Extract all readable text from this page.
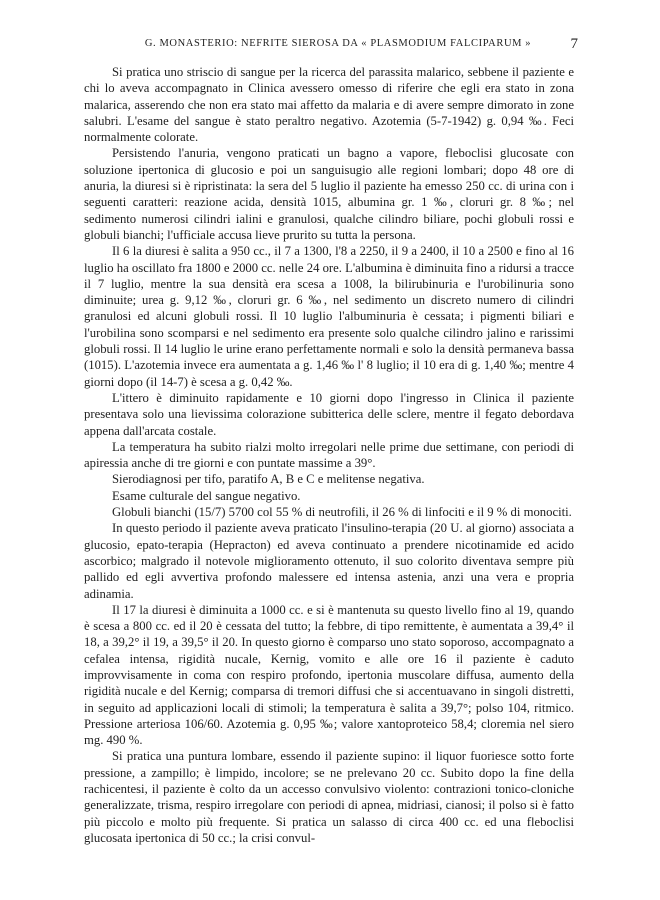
G. MONASTERIO: NEFRITE SIEROSA DA « PLASMODIUM FALCIPARUM »	7

Si pratica uno striscio di sangue per la ricerca del parassita malarico, sebbene il paziente e chi lo aveva accompagnato in Clinica avessero omesso di riferire che egli era stato in zona malarica, asserendo che non era stato mai affetto da malaria e di avere sempre dimorato in zone salubri. L'esame del sangue è stato peraltro negativo. Azotemia (5-7-1942) g. 0,94 ‰. Feci normalmente colorate.

Persistendo l'anuria, vengono praticati un bagno a vapore, fleboclisi glucosate con soluzione ipertonica di glucosio e poi un sanguisugio alle regioni lombari; dopo 48 ore di anuria, la diuresi si è ripristinata: la sera del 5 luglio il paziente ha emesso 250 cc. di urina con i seguenti caratteri: reazione acida, densità 1015, albumina gr. 1 ‰, cloruri gr. 8 ‰; nel sedimento numerosi cilindri ialini e granulosi, qualche cilindro biliare, pochi globuli rossi e globuli bianchi; l'ufficiale accusa lieve prurito su tutta la persona.

Il 6 la diuresi è salita a 950 cc., il 7 a 1300, l'8 a 2250, il 9 a 2400, il 10 a 2500 e fino al 16 luglio ha oscillato fra 1800 e 2000 cc. nelle 24 ore. L'albumina è diminuita fino a ridursi a tracce il 7 luglio, mentre la sua densità era scesa a 1008, la bilirubinuria e l'urobilinuria sono diminuite; urea g. 9,12 ‰, cloruri gr. 6 ‰, nel sedimento un discreto numero di cilindri granulosi ed alcuni globuli rossi. Il 10 luglio l'albuminuria è cessata; i pigmenti biliari e l'urobilina sono scomparsi e nel sedimento era presente solo qualche cilindro jalino e rarissimi globuli rossi. Il 14 luglio le urine erano perfettamente normali e solo la densità permaneva bassa (1015). L'azotemia invece era aumentata a g. 1,46 ‰ l' 8 luglio; il 10 era di g. 1,40 ‰; mentre 4 giorni dopo (il 14-7) è scesa a g. 0,42 ‰.

L'ittero è diminuito rapidamente e 10 giorni dopo l'ingresso in Clinica il paziente presentava solo una lievissima colorazione subitterica delle sclere, mentre il fegato debordava appena dall'arcata costale.

La temperatura ha subito rialzi molto irregolari nelle prime due settimane, con periodi di apiressia anche di tre giorni e con puntate massime a 39°.

Sierodiagnosi per tifo, paratifo A, B e C e melitense negativa.

Esame culturale del sangue negativo.

Globuli bianchi (15/7) 5700 col 55 % di neutrofili, il 26 % di linfociti e il 9 % di monociti.

In questo periodo il paziente aveva praticato l'insulino-terapia (20 U. al giorno) associata a glucosio, epato-terapia (Hepracton) ed aveva continuato a prendere nicotinamide ed acido ascorbico; malgrado il notevole miglioramento ottenuto, il suo colorito diventava sempre più pallido ed egli avvertiva profondo malessere ed intensa astenia, anzi una vera e propria adinamia.

Il 17 la diuresi è diminuita a 1000 cc. e si è mantenuta su questo livello fino al 19, quando è scesa a 800 cc. ed il 20 è cessata del tutto; la febbre, di tipo remittente, è aumentata a 39,4° il 18, a 39,2° il 19, a 39,5° il 20. In questo giorno è comparso uno stato soporoso, accompagnato a cefalea intensa, rigidità nucale, Kernig, vomito e alle ore 16 il paziente è caduto improvvisamente in coma con respiro profondo, ipertonia muscolare diffusa, aumento della rigidità nucale e del Kernig; comparsa di tremori diffusi che si accentuavano in singoli distretti, in seguito ad applicazioni locali di stimoli; la temperatura è salita a 39,7°; polso 104, ritmico. Pressione arteriosa 106/60. Azotemia g. 0,95 ‰; valore xantoproteico 58,4; cloremia nel siero mg. 490 %.

Si pratica una puntura lombare, essendo il paziente supino: il liquor fuoriesce sotto forte pressione, a zampillo; è limpido, incolore; se ne prelevano 20 cc. Subito dopo la fine della rachicentesi, il paziente è colto da un accesso convulsivo violento: contrazioni tonico-cloniche generalizzate, trisma, respiro irregolare con periodi di apnea, midriasi, cianosi; il polso si è fatto più piccolo e molto più frequente. Si pratica un salasso di circa 400 cc. ed una fleboclisi glucosata ipertonica di 50 cc.; la crisi convul-
